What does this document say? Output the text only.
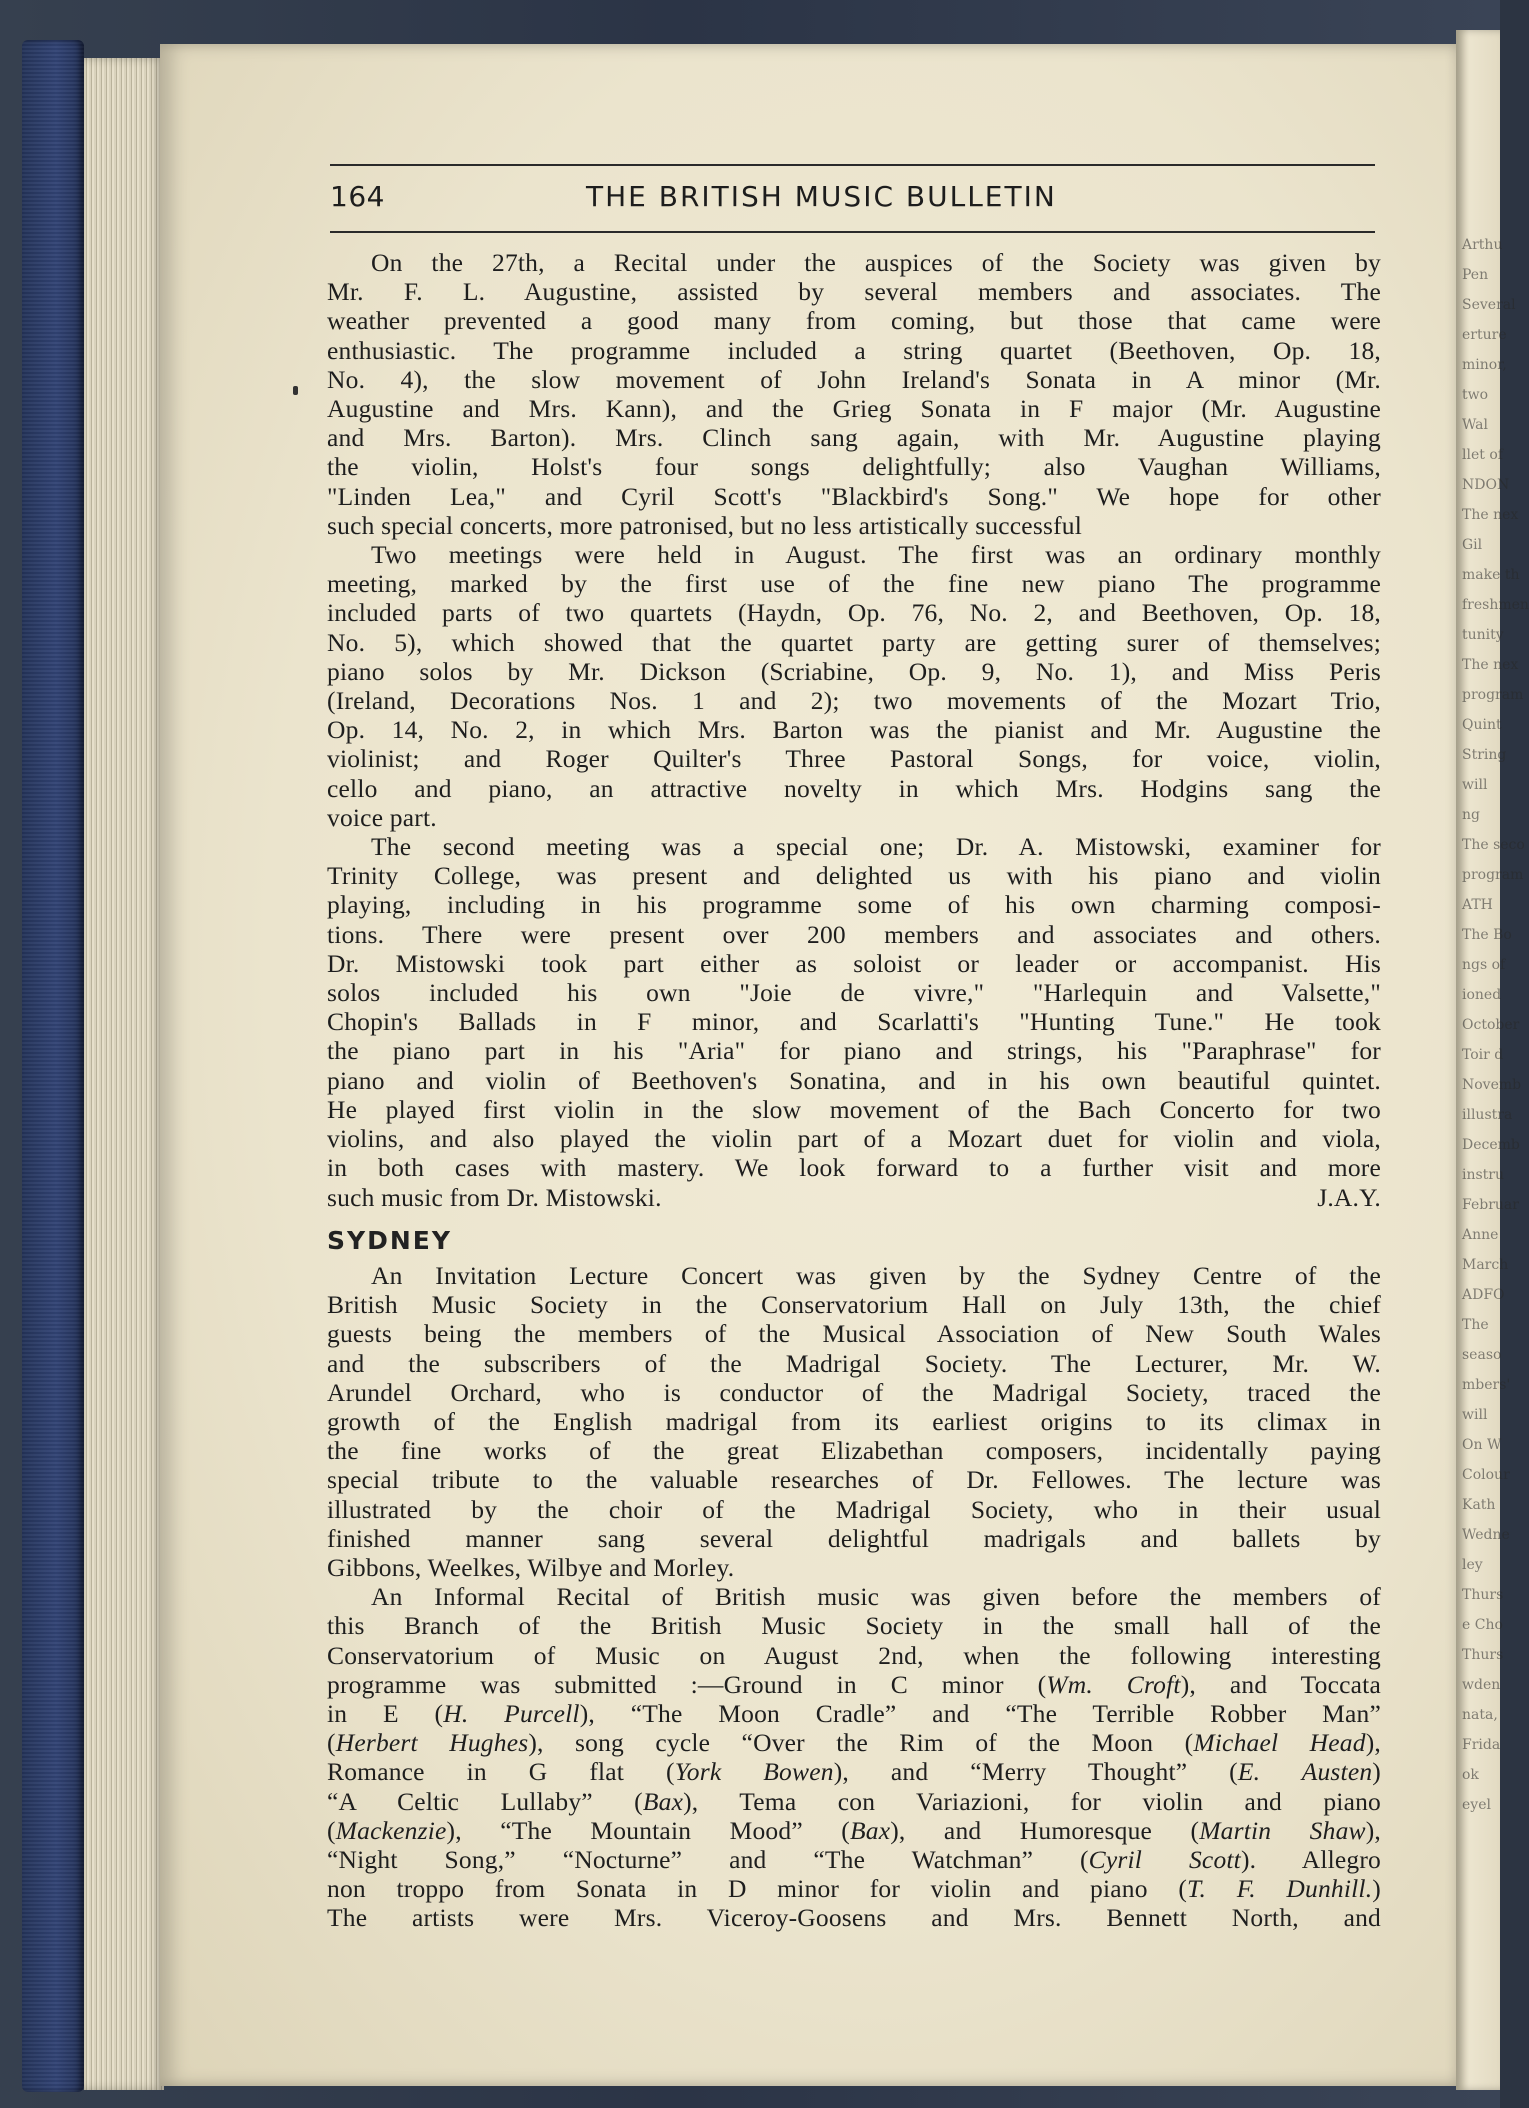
Arthu
Pen
Several
erture
minor,
two
Wal
llet of
NDON
The nex
Gil
make th
freshmen
tunity
The nex
program
Quint
String
will
ng
The seco
program
ATH
The Bo
ngs of
ioned
October
Toir d
Novemb
illustra
Decemb
instru
Februar
Anne
March
ADFO
The
seaso
mbers'
will
On W
Colour
Kath
Wedne
ley
Thurs
e Cho
Thurs
wden
nata,
Frida
ok
eyel
164	THE BRITISH MUSIC BULLETIN

On the 27th, a Recital under the auspices of the Society was given by
Mr. F. L. Augustine, assisted by several members and associates. The
weather prevented a good many from coming, but those that came were
enthusiastic. The programme included a string quartet (Beethoven, Op. 18,
No. 4), the slow movement of John Ireland's Sonata in A minor (Mr.
Augustine and Mrs. Kann), and the Grieg Sonata in F major (Mr. Augustine
and Mrs. Barton). Mrs. Clinch sang again, with Mr. Augustine playing
the violin, Holst's four songs delightfully; also Vaughan Williams,
"Linden Lea," and Cyril Scott's "Blackbird's Song." We hope for other
such special concerts, more patronised, but no less artistically successful

Two meetings were held in August. The first was an ordinary monthly
meeting, marked by the first use of the fine new piano The programme
included parts of two quartets (Haydn, Op. 76, No. 2, and Beethoven, Op. 18,
No. 5), which showed that the quartet party are getting surer of themselves;
piano solos by Mr. Dickson (Scriabine, Op. 9, No. 1), and Miss Peris
(Ireland, Decorations Nos. 1 and 2); two movements of the Mozart Trio,
Op. 14, No. 2, in which Mrs. Barton was the pianist and Mr. Augustine the
violinist; and Roger Quilter's Three Pastoral Songs, for voice, violin,
cello and piano, an attractive novelty in which Mrs. Hodgins sang the
voice part.

The second meeting was a special one; Dr. A. Mistowski, examiner for
Trinity College, was present and delighted us with his piano and violin
playing, including in his programme some of his own charming composi-
tions. There were present over 200 members and associates and others.
Dr. Mistowski took part either as soloist or leader or accompanist. His
solos included his own "Joie de vivre," "Harlequin and Valsette,"
Chopin's Ballads in F minor, and Scarlatti's "Hunting Tune." He took
the piano part in his "Aria" for piano and strings, his "Paraphrase" for
piano and violin of Beethoven's Sonatina, and in his own beautiful quintet.
He played first violin in the slow movement of the Bach Concerto for two
violins, and also played the violin part of a Mozart duet for violin and viola,
in both cases with mastery. We look forward to a further visit and more

such music from Dr. Mistowski.	J.A.Y.
SYDNEY

An Invitation Lecture Concert was given by the Sydney Centre of the
British Music Society in the Conservatorium Hall on July 13th, the chief
guests being the members of the Musical Association of New South Wales
and the subscribers of the Madrigal Society. The Lecturer, Mr. W.
Arundel Orchard, who is conductor of the Madrigal Society, traced the
growth of the English madrigal from its earliest origins to its climax in
the fine works of the great Elizabethan composers, incidentally paying
special tribute to the valuable researches of Dr. Fellowes. The lecture was
illustrated by the choir of the Madrigal Society, who in their usual
finished manner sang several delightful madrigals and ballets by
Gibbons, Weelkes, Wilbye and Morley.

An Informal Recital of British music was given before the members of
this Branch of the British Music Society in the small hall of the
Conservatorium of Music on August 2nd, when the following interesting
programme was submitted :—Ground in C minor (Wm. Croft), and Toccata
in E (H. Purcell), “The Moon Cradle” and “The Terrible Robber Man”
(Herbert Hughes), song cycle “Over the Rim of the Moon (Michael Head),
Romance in G flat (York Bowen), and “Merry Thought” (E. Austen)
“A Celtic Lullaby” (Bax), Tema con Variazioni, for violin and piano
(Mackenzie), “The Mountain Mood” (Bax), and Humoresque (Martin Shaw),
“Night Song,” “Nocturne” and “The Watchman” (Cyril Scott). Allegro
non troppo from Sonata in D minor for violin and piano (T. F. Dunhill.)
The artists were Mrs. Viceroy-Goosens and Mrs. Bennett North, and
